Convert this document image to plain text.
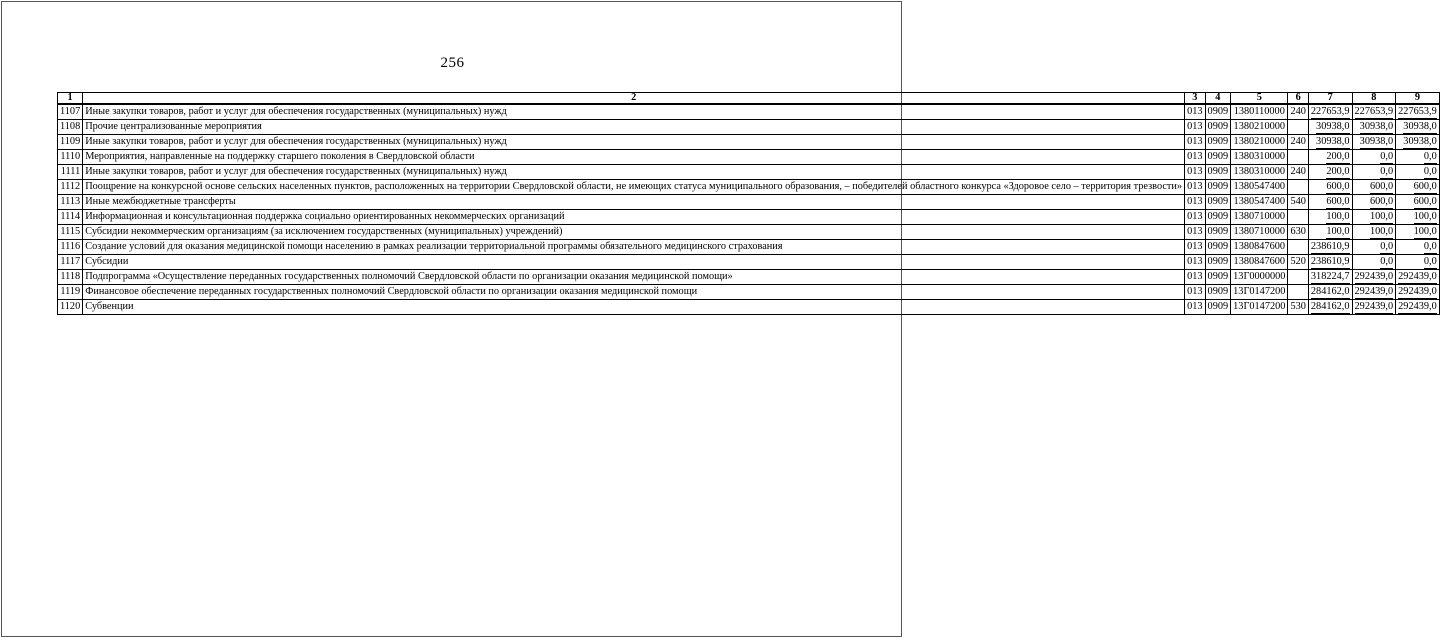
256
1	2	3	4	5	6	7	8	9
1107	Иные закупки товаров, работ и услуг для обеспечения государственных (муниципальных) нужд	013	0909	1380110000	240	227653,9	227653,9	227653,9
1108	Прочие централизованные мероприятия	013	0909	1380210000		30938,0	30938,0	30938,0
1109	Иные закупки товаров, работ и услуг для обеспечения государственных (муниципальных) нужд	013	0909	1380210000	240	30938,0	30938,0	30938,0
1110	Мероприятия, направленные на поддержку старшего поколения в Свердловской области	013	0909	1380310000		200,0	0,0	0,0
1111	Иные закупки товаров, работ и услуг для обеспечения государственных (муниципальных) нужд	013	0909	1380310000	240	200,0	0,0	0,0
1112	Поощрение на конкурсной основе сельских населенных пунктов, расположенных на территории Свердловской области, не имеющих статуса муниципального образования, – победителей областного конкурса «Здоровое село – территория трезвости»	013	0909	1380547400		600,0	600,0	600,0
1113	Иные межбюджетные трансферты	013	0909	1380547400	540	600,0	600,0	600,0
1114	Информационная и консультационная поддержка социально ориентированных некоммерческих организаций	013	0909	1380710000		100,0	100,0	100,0
1115	Субсидии некоммерческим организациям (за исключением государственных (муниципальных) учреждений)	013	0909	1380710000	630	100,0	100,0	100,0
1116	Создание условий для оказания медицинской помощи населению в рамках реализации территориальной программы обязательного медицинского страхования	013	0909	1380847600		238610,9	0,0	0,0
1117	Субсидии	013	0909	1380847600	520	238610,9	0,0	0,0
1118	Подпрограмма «Осуществление переданных государственных полномочий Свердловской области по организации оказания медицинской помощи»	013	0909	13Г0000000		318224,7	292439,0	292439,0
1119	Финансовое обеспечение переданных государственных полномочий Свердловской области по организации оказания медицинской помощи	013	0909	13Г0147200		284162,0	292439,0	292439,0
1120	Субвенции	013	0909	13Г0147200	530	284162,0	292439,0	292439,0
